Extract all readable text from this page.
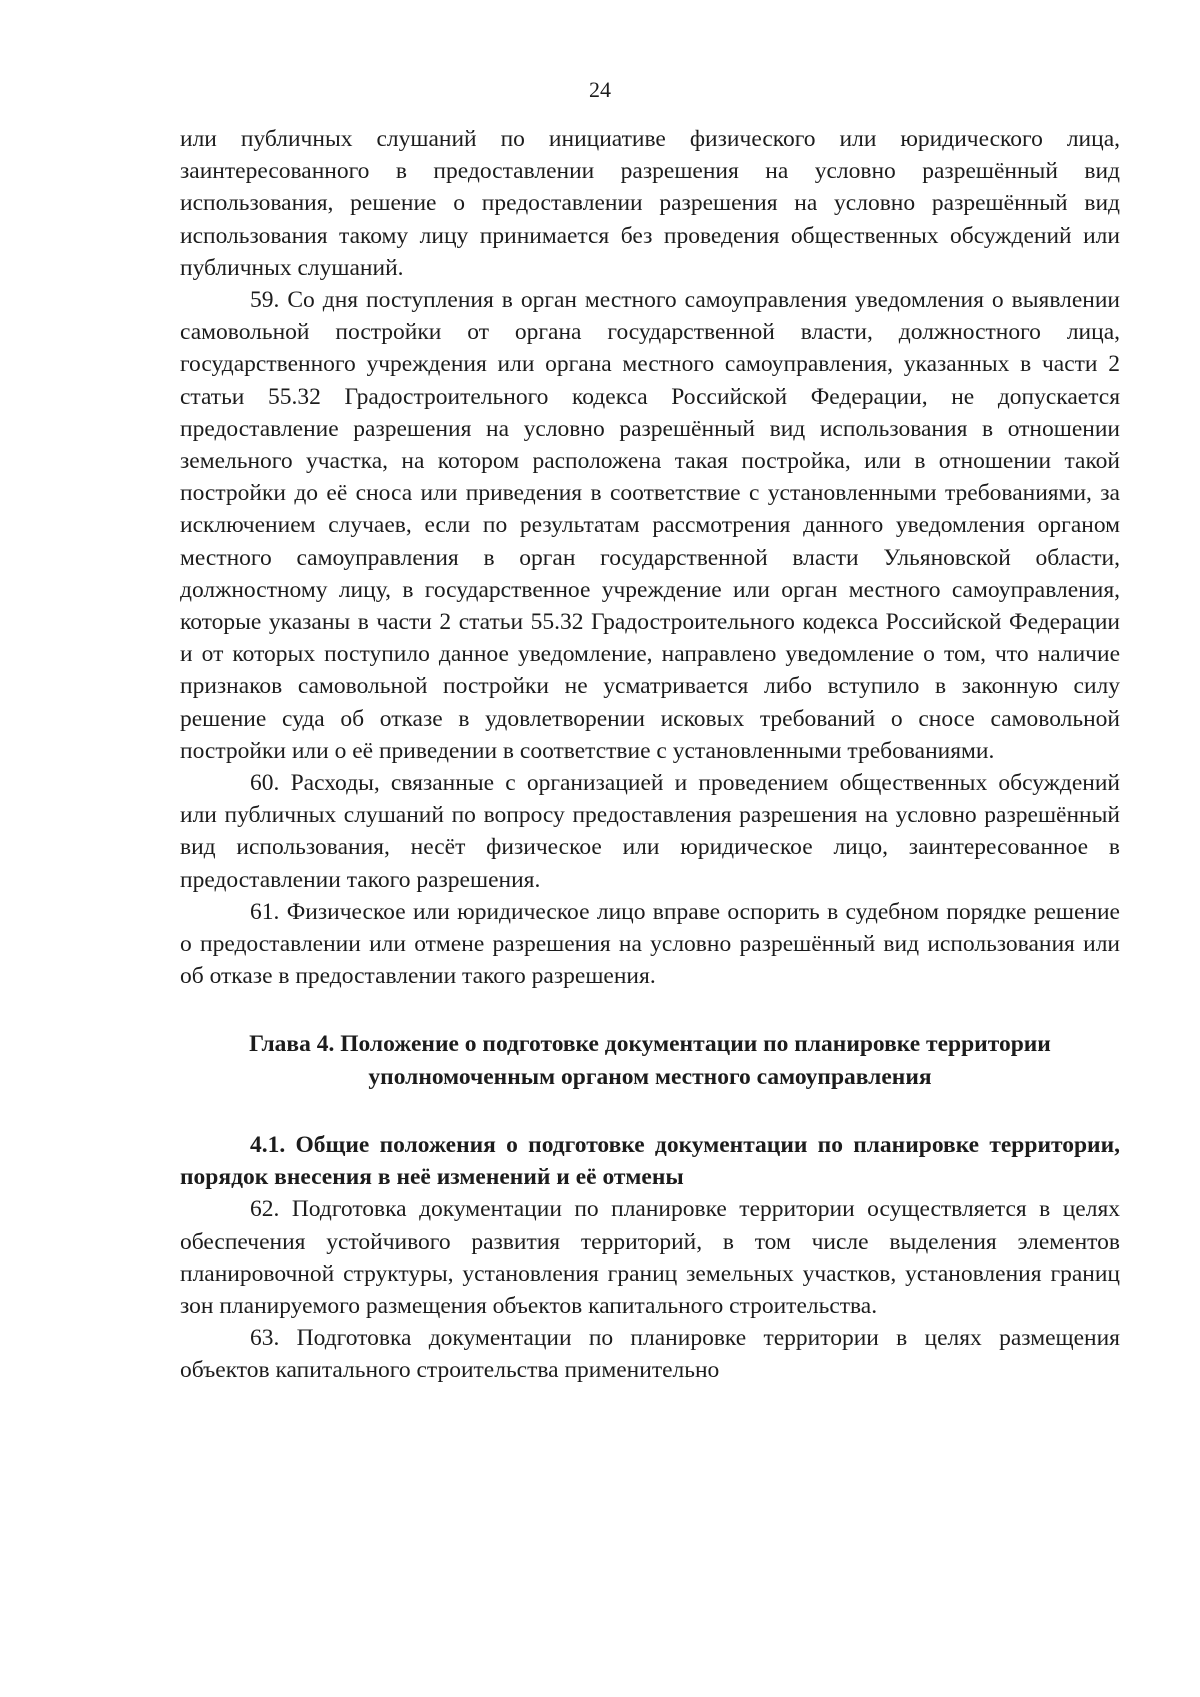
24

или публичных слушаний по инициативе физического или юридического лица, заинтересованного в предоставлении разрешения на условно разрешённый вид использования, решение о предоставлении разрешения на условно разрешённый вид использования такому лицу принимается без проведения общественных обсуждений или публичных слушаний.

59. Со дня поступления в орган местного самоуправления уведомления о выявлении самовольной постройки от органа государственной власти, должностного лица, государственного учреждения или органа местного самоуправления, указанных в части 2 статьи 55.32 Градостроительного кодекса Российской Федерации, не допускается предоставление разрешения на условно разрешённый вид использования в отношении земельного участка, на котором расположена такая постройка, или в отношении такой постройки до её сноса или приведения в соответствие с установленными требованиями, за исключением случаев, если по результатам рассмотрения данного уведомления органом местного самоуправления в орган государственной власти Ульяновской области, должностному лицу, в государственное учреждение или орган местного самоуправления, которые указаны в части 2 статьи 55.32 Градостроительного кодекса Российской Федерации и от которых поступило данное уведомление, направлено уведомление о том, что наличие признаков самовольной постройки не усматривается либо вступило в законную силу решение суда об отказе в удовлетворении исковых требований о сносе самовольной постройки или о её приведении в соответствие с установленными требованиями.

60. Расходы, связанные с организацией и проведением общественных обсуждений или публичных слушаний по вопросу предоставления разрешения на условно разрешённый вид использования, несёт физическое или юридическое лицо, заинтересованное в предоставлении такого разрешения.

61. Физическое или юридическое лицо вправе оспорить в судебном порядке решение о предоставлении или отмене разрешения на условно разрешённый вид использования или об отказе в предоставлении такого разрешения.

Глава 4. Положение о подготовке документации по планировке территории уполномоченным органом местного самоуправления
4.1. Общие положения о подготовке документации по планировке территории, порядок внесения в неё изменений и её отмены

62. Подготовка документации по планировке территории осуществляется в целях обеспечения устойчивого развития территорий, в том числе выделения элементов планировочной структуры, установления границ земельных участков, установления границ зон планируемого размещения объектов капитального строительства.

63. Подготовка документации по планировке территории в целях размещения объектов капитального строительства применительно
